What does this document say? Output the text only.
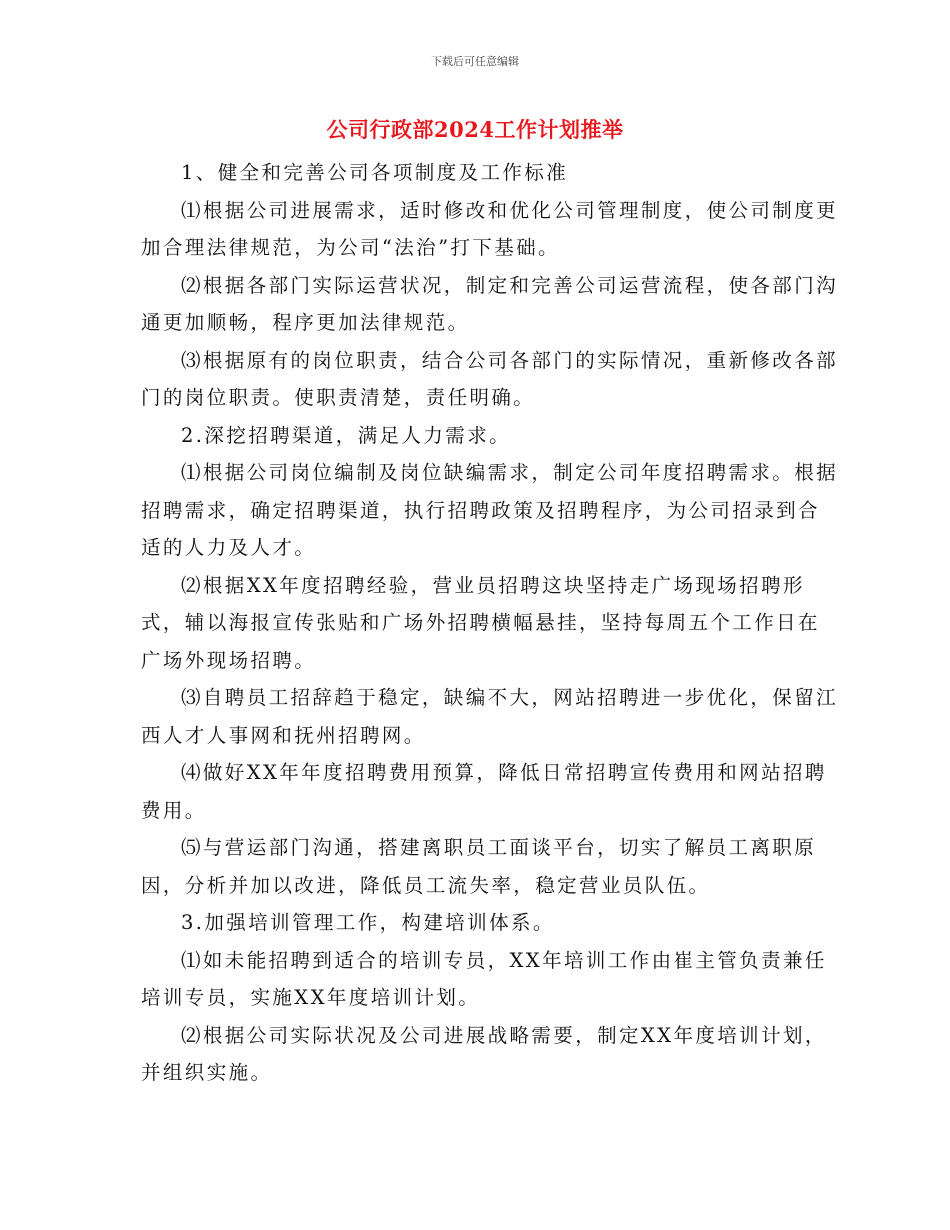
下载后可任意编辑
公司行政部2024工作计划推举

1、健全和完善公司各项制度及工作标准

⑴根据公司进展需求，适时修改和优化公司管理制度，使公司制度更加合理法律规范，为公司“法治”打下基础。

⑵根据各部门实际运营状况，制定和完善公司运营流程，使各部门沟通更加顺畅，程序更加法律规范。

⑶根据原有的岗位职责，结合公司各部门的实际情况，重新修改各部门的岗位职责。使职责清楚，责任明确。

2.深挖招聘渠道，满足人力需求。

⑴根据公司岗位编制及岗位缺编需求，制定公司年度招聘需求。根据招聘需求，确定招聘渠道，执行招聘政策及招聘程序，为公司招录到合适的人力及人才。

⑵根据XX年度招聘经验，营业员招聘这块坚持走广场现场招聘形式，辅以海报宣传张贴和广场外招聘横幅悬挂，坚持每周五个工作日在广场外现场招聘。

⑶自聘员工招辞趋于稳定，缺编不大，网站招聘进一步优化，保留江西人才人事网和抚州招聘网。

⑷做好XX年年度招聘费用预算，降低日常招聘宣传费用和网站招聘费用。

⑸与营运部门沟通，搭建离职员工面谈平台，切实了解员工离职原因，分析并加以改进，降低员工流失率，稳定营业员队伍。

3.加强培训管理工作，构建培训体系。

⑴如未能招聘到适合的培训专员，XX年培训工作由崔主管负责兼任培训专员，实施XX年度培训计划。

⑵根据公司实际状况及公司进展战略需要，制定XX年度培训计划，并组织实施。
